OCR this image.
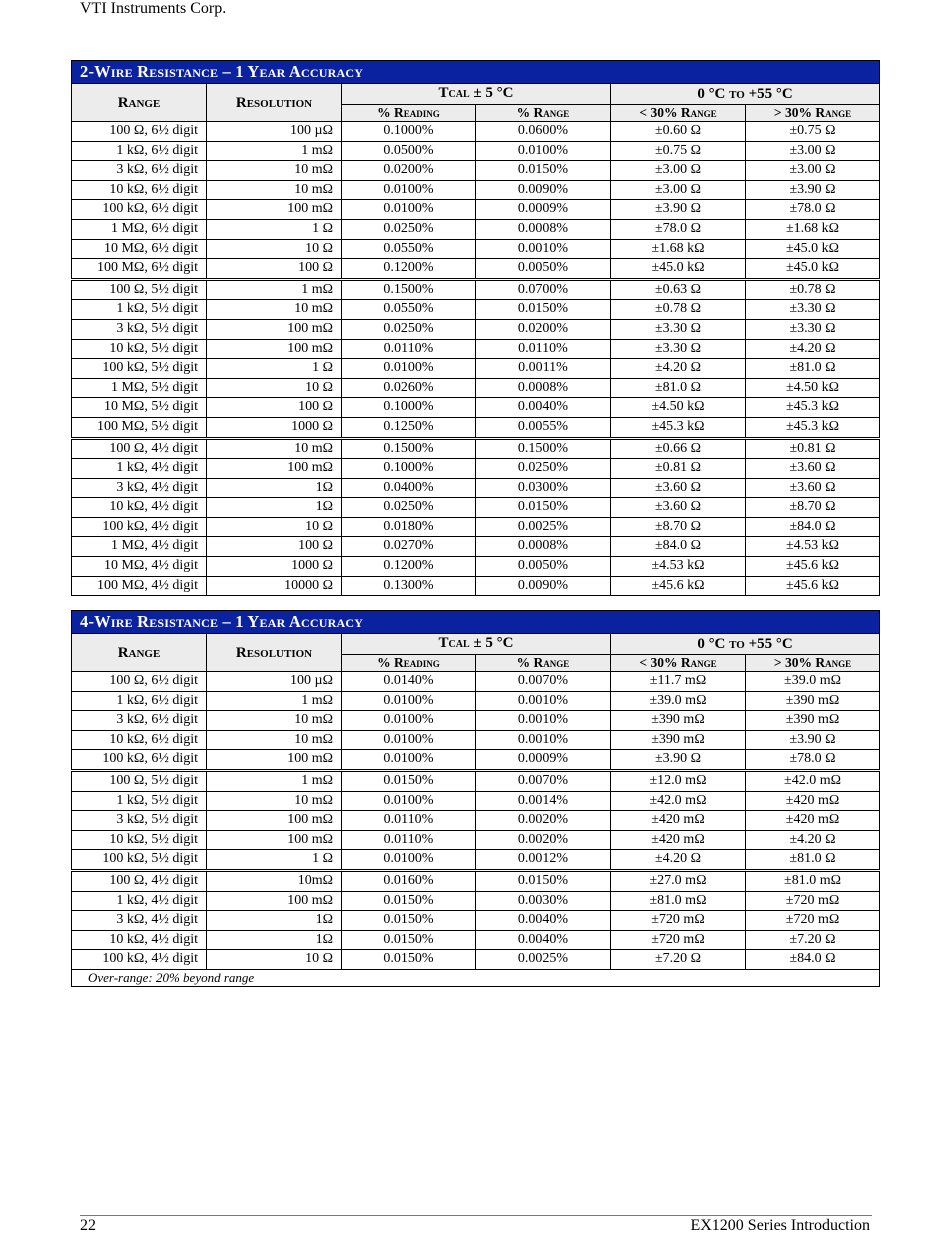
VTI Instruments Corp.
2-Wire Resistance – 1 Year Accuracy					
Range	Resolution	TCAL ± 5 °C		0 °C to +55 °C	
		% Reading	% Range	< 30% Range	> 30% Range
100 Ω, 6½ digit	100 µΩ	0.1000%	0.0600%	±0.60 Ω	±0.75 Ω
1 kΩ, 6½ digit	1 mΩ	0.0500%	0.0100%	±0.75 Ω	±3.00 Ω
3 kΩ, 6½ digit	10 mΩ	0.0200%	0.0150%	±3.00 Ω	±3.00 Ω
10 kΩ, 6½ digit	10 mΩ	0.0100%	0.0090%	±3.00 Ω	±3.90 Ω
100 kΩ, 6½ digit	100 mΩ	0.0100%	0.0009%	±3.90 Ω	±78.0 Ω
1 MΩ, 6½ digit	1 Ω	0.0250%	0.0008%	±78.0 Ω	±1.68 kΩ
10 MΩ, 6½ digit	10 Ω	0.0550%	0.0010%	±1.68 kΩ	±45.0 kΩ
100 MΩ, 6½ digit	100 Ω	0.1200%	0.0050%	±45.0 kΩ	±45.0 kΩ
100 Ω, 5½ digit	1 mΩ	0.1500%	0.0700%	±0.63 Ω	±0.78 Ω
1 kΩ, 5½ digit	10 mΩ	0.0550%	0.0150%	±0.78 Ω	±3.30 Ω
3 kΩ, 5½ digit	100 mΩ	0.0250%	0.0200%	±3.30 Ω	±3.30 Ω
10 kΩ, 5½ digit	100 mΩ	0.0110%	0.0110%	±3.30 Ω	±4.20 Ω
100 kΩ, 5½ digit	1 Ω	0.0100%	0.0011%	±4.20 Ω	±81.0 Ω
1 MΩ, 5½ digit	10 Ω	0.0260%	0.0008%	±81.0 Ω	±4.50 kΩ
10 MΩ, 5½ digit	100 Ω	0.1000%	0.0040%	±4.50 kΩ	±45.3 kΩ
100 MΩ, 5½ digit	1000 Ω	0.1250%	0.0055%	±45.3 kΩ	±45.3 kΩ
100 Ω, 4½ digit	10 mΩ	0.1500%	0.1500%	±0.66 Ω	±0.81 Ω
1 kΩ, 4½ digit	100 mΩ	0.1000%	0.0250%	±0.81 Ω	±3.60 Ω
3 kΩ, 4½ digit	1Ω	0.0400%	0.0300%	±3.60 Ω	±3.60 Ω
10 kΩ, 4½ digit	1Ω	0.0250%	0.0150%	±3.60 Ω	±8.70 Ω
100 kΩ, 4½ digit	10 Ω	0.0180%	0.0025%	±8.70 Ω	±84.0 Ω
1 MΩ, 4½ digit	100 Ω	0.0270%	0.0008%	±84.0 Ω	±4.53 kΩ
10 MΩ, 4½ digit	1000 Ω	0.1200%	0.0050%	±4.53 kΩ	±45.6 kΩ
100 MΩ, 4½ digit	10000 Ω	0.1300%	0.0090%	±45.6 kΩ	±45.6 kΩ
4-Wire Resistance – 1 Year Accuracy					
Range	Resolution	TCAL ± 5 °C		0 °C to +55 °C	
		% Reading	% Range	< 30% Range	> 30% Range
100 Ω, 6½ digit	100 µΩ	0.0140%	0.0070%	±11.7 mΩ	±39.0 mΩ
1 kΩ, 6½ digit	1 mΩ	0.0100%	0.0010%	±39.0 mΩ	±390 mΩ
3 kΩ, 6½ digit	10 mΩ	0.0100%	0.0010%	±390 mΩ	±390 mΩ
10 kΩ, 6½ digit	10 mΩ	0.0100%	0.0010%	±390 mΩ	±3.90 Ω
100 kΩ, 6½ digit	100 mΩ	0.0100%	0.0009%	±3.90 Ω	±78.0 Ω
100 Ω, 5½ digit	1 mΩ	0.0150%	0.0070%	±12.0 mΩ	±42.0 mΩ
1 kΩ, 5½ digit	10 mΩ	0.0100%	0.0014%	±42.0 mΩ	±420 mΩ
3 kΩ, 5½ digit	100 mΩ	0.0110%	0.0020%	±420 mΩ	±420 mΩ
10 kΩ, 5½ digit	100 mΩ	0.0110%	0.0020%	±420 mΩ	±4.20 Ω
100 kΩ, 5½ digit	1 Ω	0.0100%	0.0012%	±4.20 Ω	±81.0 Ω
100 Ω, 4½ digit	10mΩ	0.0160%	0.0150%	±27.0 mΩ	±81.0 mΩ
1 kΩ, 4½ digit	100 mΩ	0.0150%	0.0030%	±81.0 mΩ	±720 mΩ
3 kΩ, 4½ digit	1Ω	0.0150%	0.0040%	±720 mΩ	±720 mΩ
10 kΩ, 4½ digit	1Ω	0.0150%	0.0040%	±720 mΩ	±7.20 Ω
100 kΩ, 4½ digit	10 Ω	0.0150%	0.0025%	±7.20 Ω	±84.0 Ω
Over-range: 20% beyond range					
22	EX1200 Series Introduction
